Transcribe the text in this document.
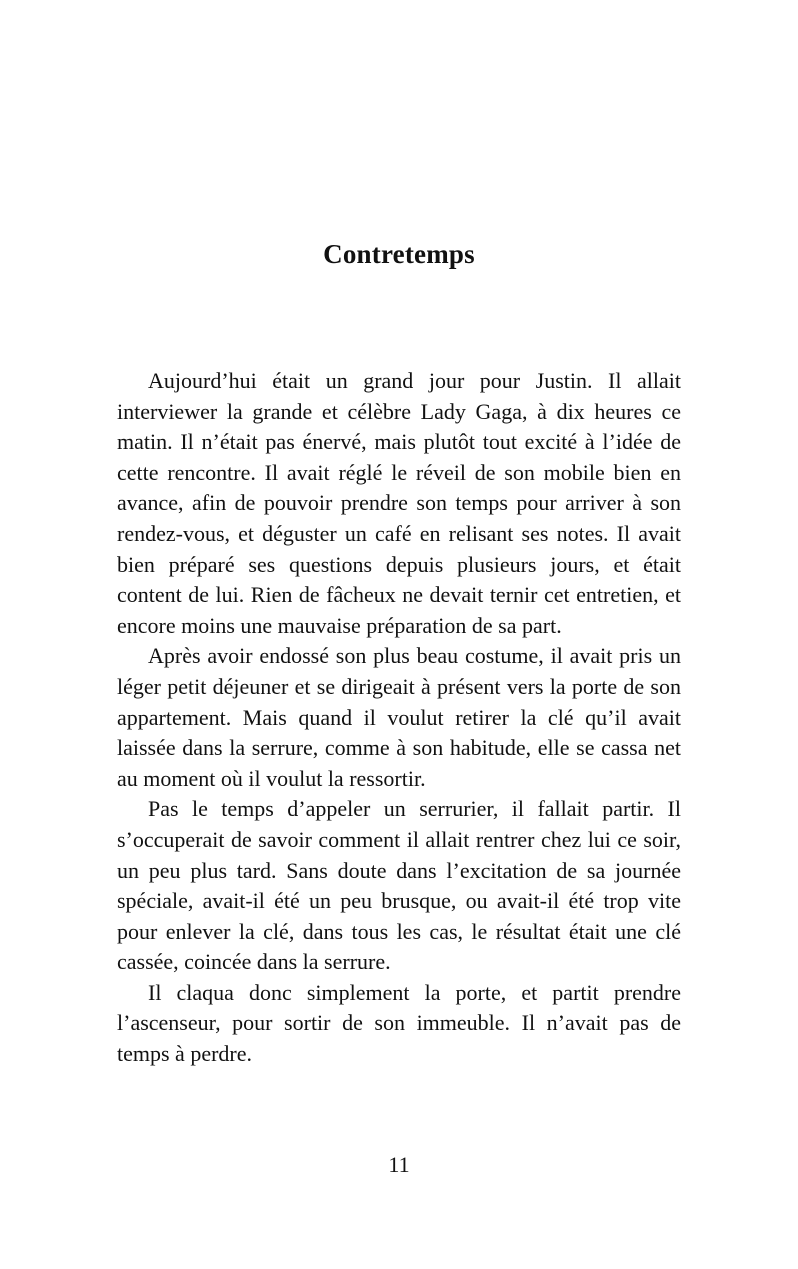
Contretemps

Aujourd’hui était un grand jour pour Justin. Il allait interviewer la grande et célèbre Lady Gaga, à dix heures ce matin. Il n’était pas énervé, mais plutôt tout excité à l’idée de cette rencontre. Il avait réglé le réveil de son mobile bien en avance, afin de pouvoir prendre son temps pour arriver à son rendez-vous, et déguster un café en relisant ses notes. Il avait bien préparé ses questions depuis plusieurs jours, et était content de lui. Rien de fâcheux ne devait ternir cet entretien, et encore moins une mauvaise préparation de sa part.

Après avoir endossé son plus beau costume, il avait pris un léger petit déjeuner et se dirigeait à présent vers la porte de son appartement. Mais quand il voulut retirer la clé qu’il avait laissée dans la serrure, comme à son habitude, elle se cassa net au moment où il voulut la ressortir.

Pas le temps d’appeler un serrurier, il fallait partir. Il s’occuperait de savoir comment il allait rentrer chez lui ce soir, un peu plus tard. Sans doute dans l’excitation de sa journée spéciale, avait-il été un peu brusque, ou avait-il été trop vite pour enlever la clé, dans tous les cas, le résultat était une clé cassée, coincée dans la serrure.

Il claqua donc simplement la porte, et partit prendre l’ascenseur, pour sortir de son immeuble. Il n’avait pas de temps à perdre.

11
